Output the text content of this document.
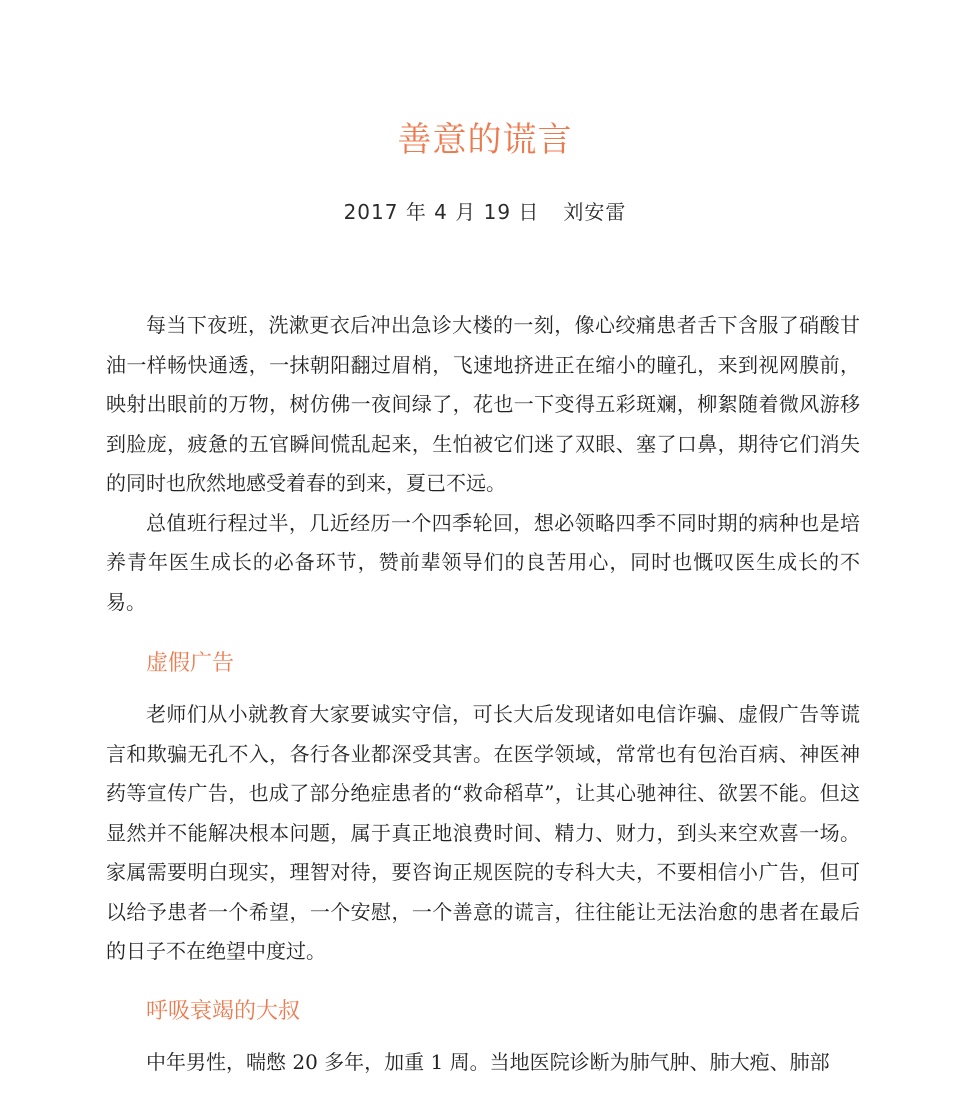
善意的谎言
2017 年 4 月 19 日 刘安雷

每当下夜班，洗漱更衣后冲出急诊大楼的一刻，像心绞痛患者舌下含服了硝酸甘油一样畅快通透，一抹朝阳翻过眉梢，飞速地挤进正在缩小的瞳孔，来到视网膜前，映射出眼前的万物，树仿佛一夜间绿了，花也一下变得五彩斑斓，柳絮随着微风游移到脸庞，疲惫的五官瞬间慌乱起来，生怕被它们迷了双眼、塞了口鼻，期待它们消失的同时也欣然地感受着春的到来，夏已不远。

总值班行程过半，几近经历一个四季轮回，想必领略四季不同时期的病种也是培养青年医生成长的必备环节，赞前辈领导们的良苦用心，同时也慨叹医生成长的不易。

虚假广告

老师们从小就教育大家要诚实守信，可长大后发现诸如电信诈骗、虚假广告等谎言和欺骗无孔不入，各行各业都深受其害。在医学领域，常常也有包治百病、神医神药等宣传广告，也成了部分绝症患者的“救命稻草”，让其心驰神往、欲罢不能。但这显然并不能解决根本问题，属于真正地浪费时间、精力、财力，到头来空欢喜一场。家属需要明白现实，理智对待，要咨询正规医院的专科大夫，不要相信小广告，但可以给予患者一个希望，一个安慰，一个善意的谎言，往往能让无法治愈的患者在最后的日子不在绝望中度过。

呼吸衰竭的大叔

中年男性，喘憋 20 多年，加重 1 周。当地医院诊断为肺气肿、肺大疱、肺部
